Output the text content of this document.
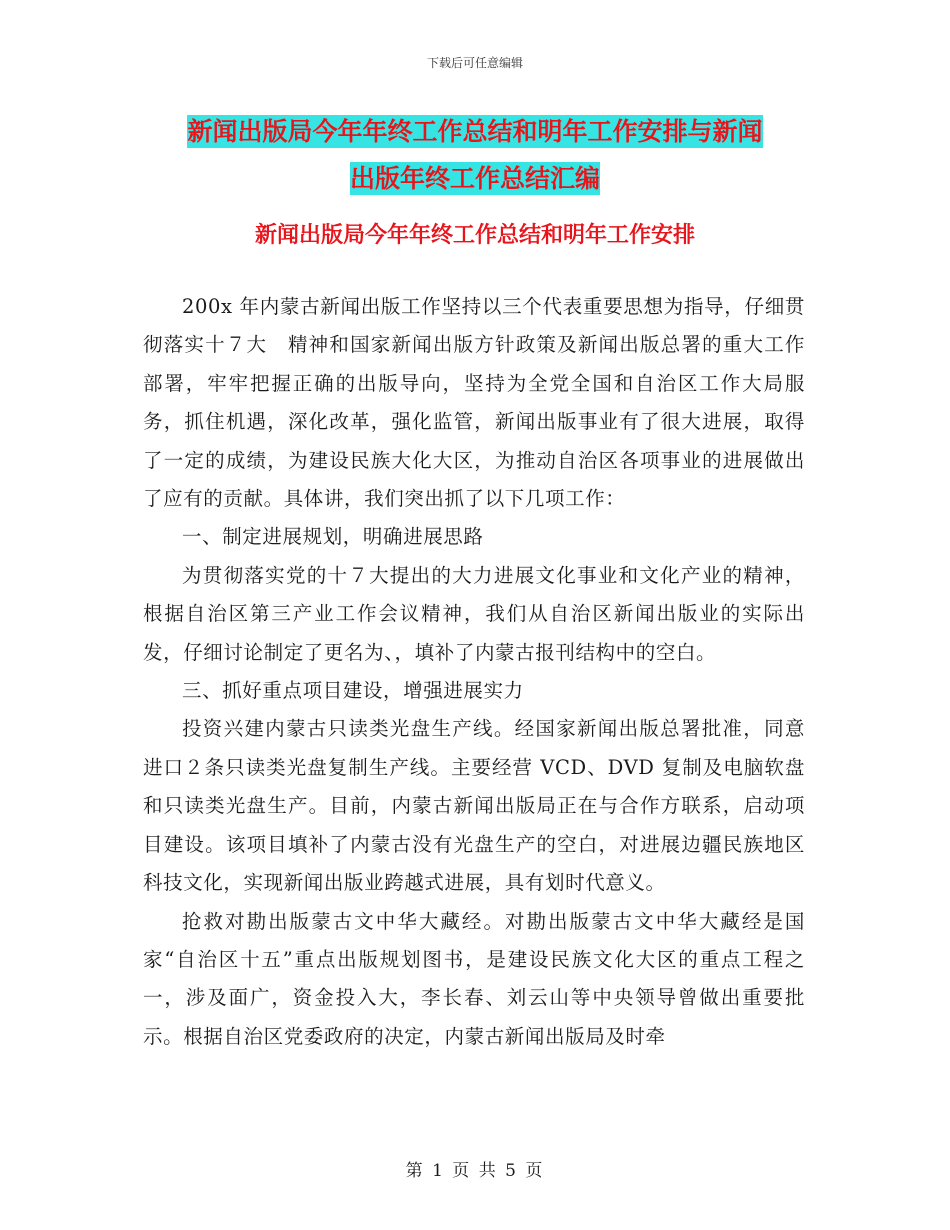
下载后可任意编辑
新闻出版局今年年终工作总结和明年工作安排与新闻
出版年终工作总结汇编
新闻出版局今年年终工作总结和明年工作安排

200x 年内蒙古新闻出版工作坚持以三个代表重要思想为指导，仔细贯彻落实十７大　精神和国家新闻出版方针政策及新闻出版总署的重大工作部署，牢牢把握正确的出版导向，坚持为全党全国和自治区工作大局服务，抓住机遇，深化改革，强化监管，新闻出版事业有了很大进展，取得了一定的成绩，为建设民族大化大区，为推动自治区各项事业的进展做出了应有的贡献。具体讲，我们突出抓了以下几项工作：

一、制定进展规划，明确进展思路

为贯彻落实党的十７大提出的大力进展文化事业和文化产业的精神，根据自治区第三产业工作会议精神，我们从自治区新闻出版业的实际出发，仔细讨论制定了更名为、，填补了内蒙古报刊结构中的空白。

三、抓好重点项目建设，增强进展实力

投资兴建内蒙古只读类光盘生产线。经国家新闻出版总署批准，同意进口２条只读类光盘复制生产线。主要经营 VCD、DVD 复制及电脑软盘和只读类光盘生产。目前，内蒙古新闻出版局正在与合作方联系，启动项目建设。该项目填补了内蒙古没有光盘生产的空白，对进展边疆民族地区科技文化，实现新闻出版业跨越式进展，具有划时代意义。

抢救对勘出版蒙古文中华大藏经。对勘出版蒙古文中华大藏经是国家“自治区十五”重点出版规划图书，是建设民族文化大区的重点工程之一，涉及面广，资金投入大，李长春、刘云山等中央领导曾做出重要批示。根据自治区党委政府的决定，内蒙古新闻出版局及时牵

第 1 页 共 5 页
